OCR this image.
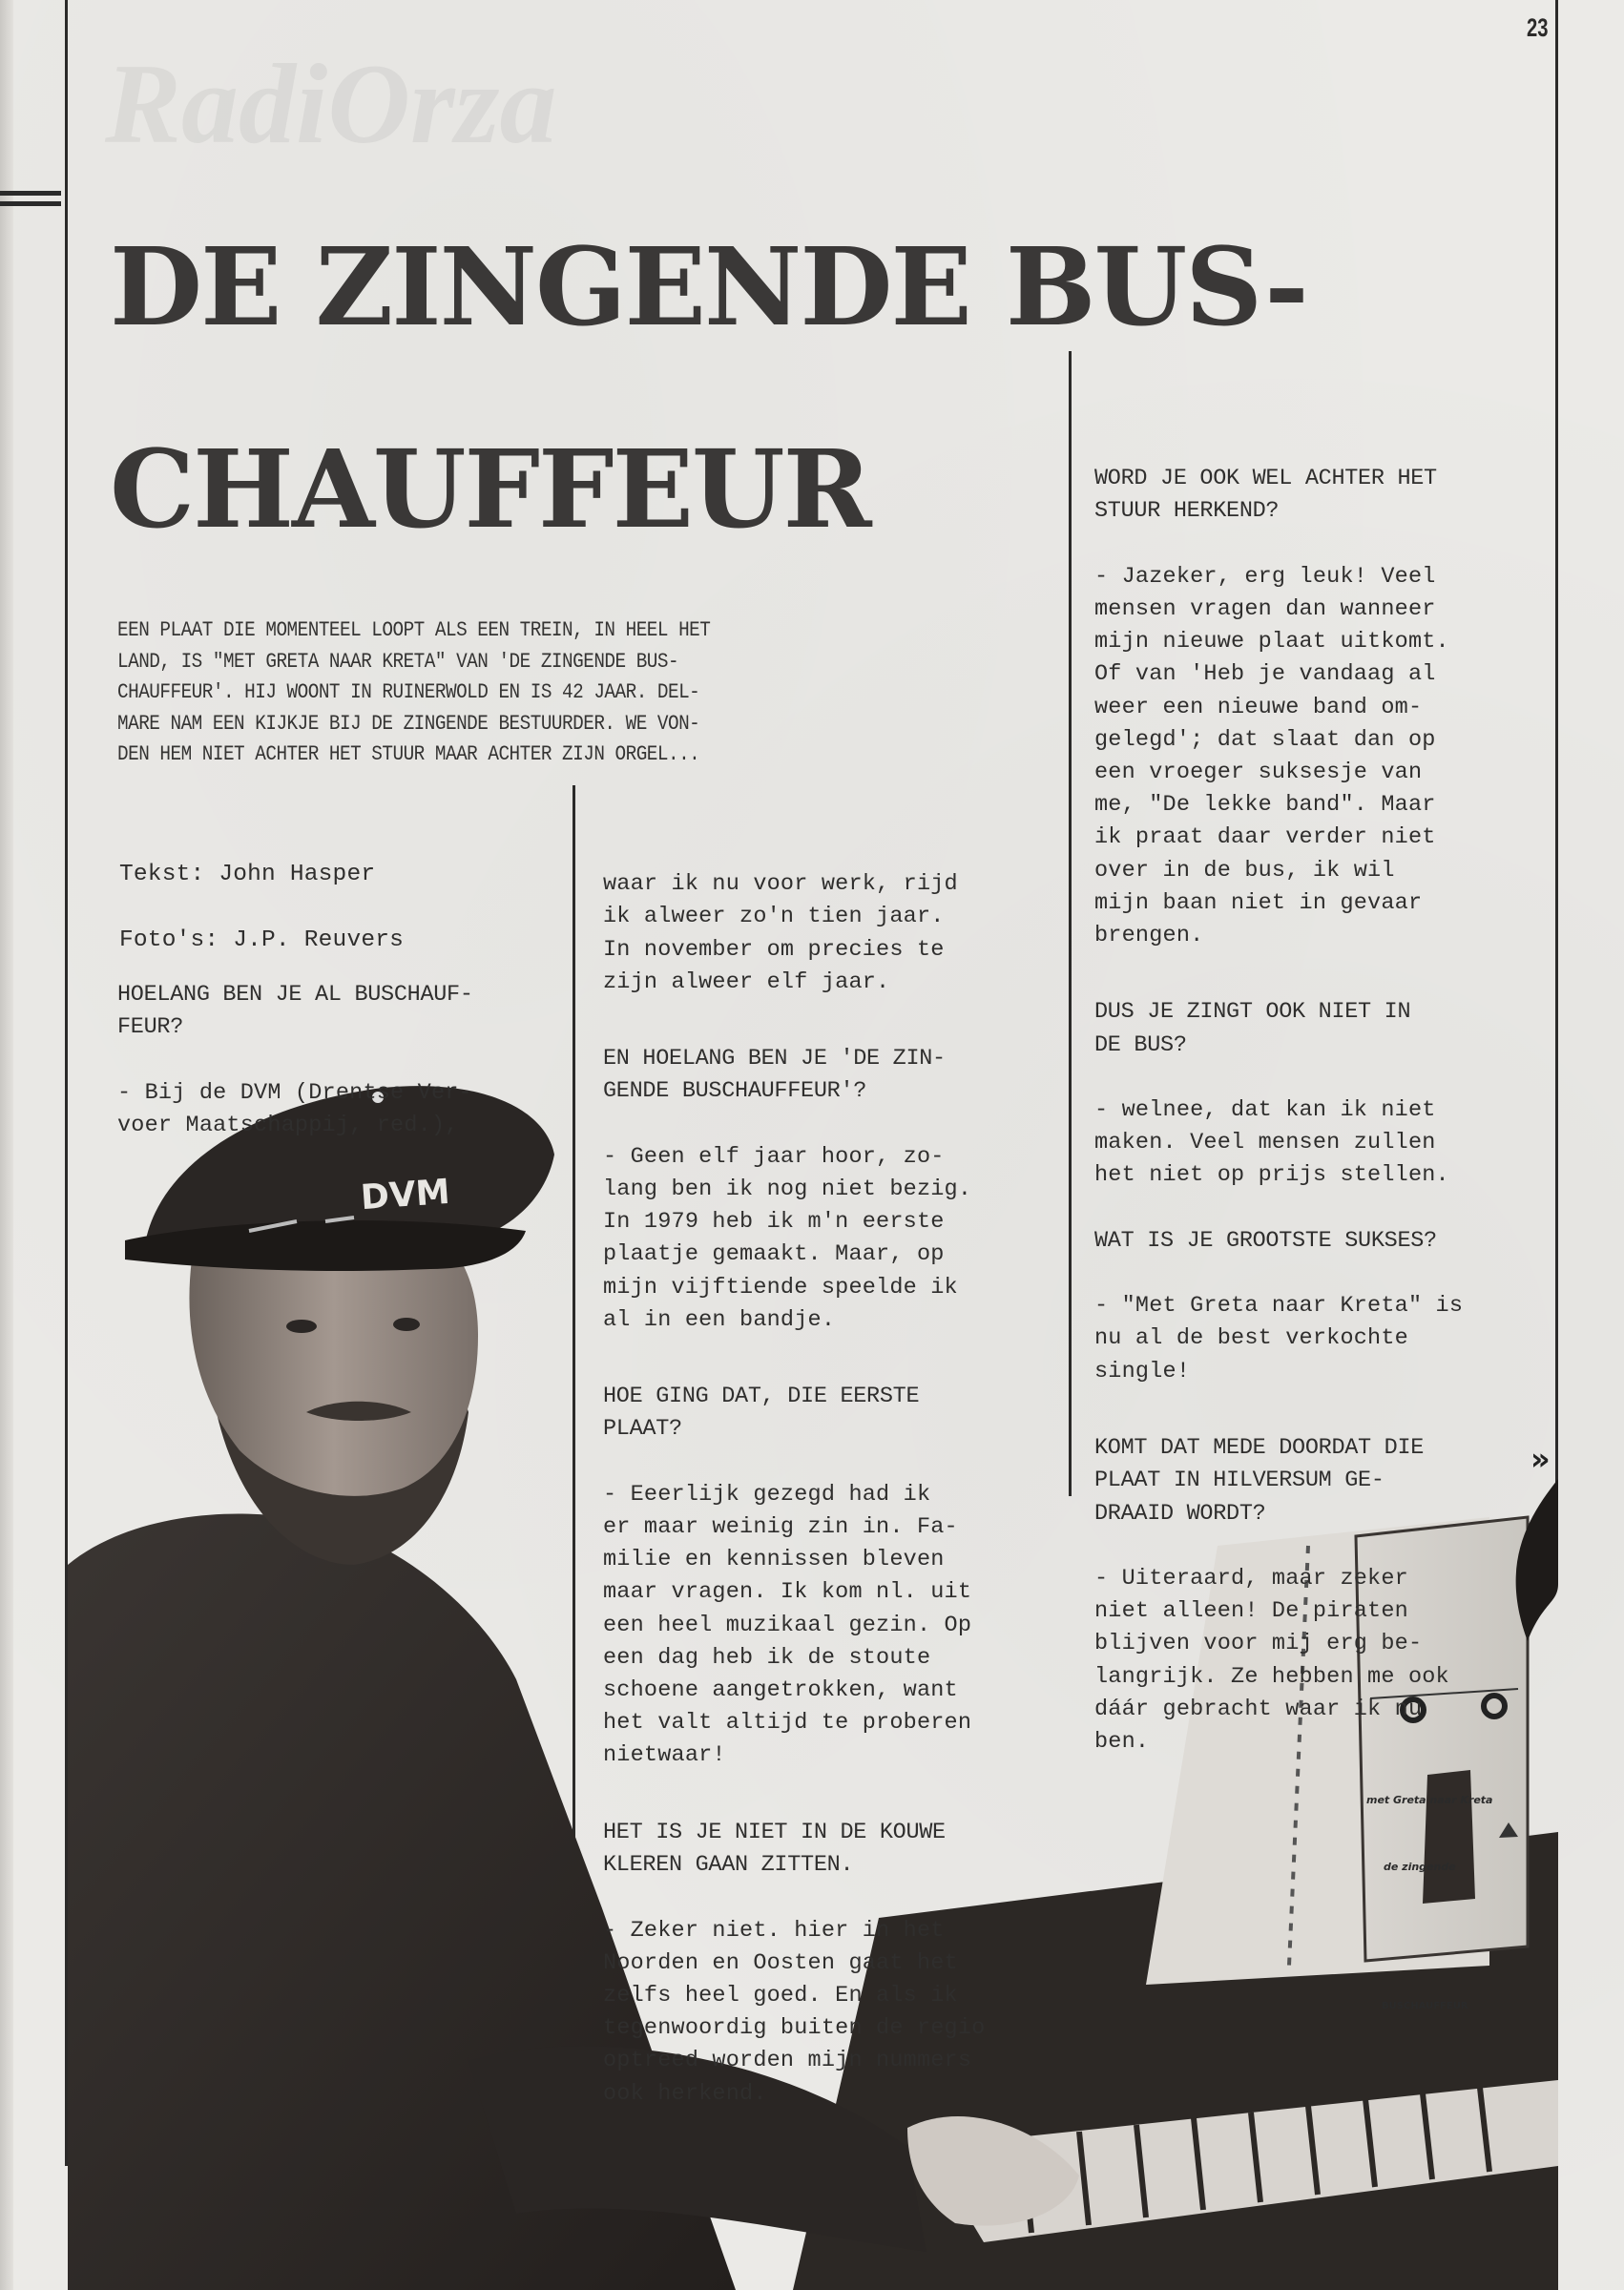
RadiOrza
23
DE ZINGENDE BUS-
CHAUFFEUR
EEN PLAAT DIE MOMENTEEL LOOPT ALS EEN TREIN, IN HEEL HET
LAND, IS "MET GRETA NAAR KRETA" VAN 'DE ZINGENDE BUS-
CHAUFFEUR'. HIJ WOONT IN RUINERWOLD EN IS 42 JAAR. DEL-
MARE NAM EEN KIJKJE BIJ DE ZINGENDE BESTUURDER. WE VON-
DEN HEM NIET ACHTER HET STUUR MAAR ACHTER ZIJN ORGEL...
DVM
met Greta naar Kreta
de zingende
BUSCHAUFFEUR

Tekst: John Hasper

Foto's: J.P. Reuvers

HOELANG BEN JE AL BUSCHAUF-
FEUR?

- Bij de DVM (Drentse Ver-
voer Maatschappij, red.),

waar ik nu voor werk, rijd
ik alweer zo'n tien jaar.
In november om precies te
zijn alweer elf jaar.

EN HOELANG BEN JE 'DE ZIN-
GENDE BUSCHAUFFEUR'?

- Geen elf jaar hoor, zo-
lang ben ik nog niet bezig.
In 1979 heb ik m'n eerste
plaatje gemaakt. Maar, op
mijn vijftiende speelde ik
al in een bandje.

HOE GING DAT, DIE EERSTE
PLAAT?

- Eeerlijk gezegd had ik
er maar weinig zin in. Fa-
milie en kennissen bleven
maar vragen. Ik kom nl. uit
een heel muzikaal gezin. Op
een dag heb ik de stoute
schoene aangetrokken, want
het valt altijd te proberen
nietwaar!

HET IS JE NIET IN DE KOUWE
KLEREN GAAN ZITTEN.

- Zeker niet. hier in het
Noorden en Oosten gaat het
zelfs heel goed. En als ik
tegenwoordig buiten de regio
optreed worden mijn nummers
ook herkend.

WORD JE OOK WEL ACHTER HET
STUUR HERKEND?

- Jazeker, erg leuk! Veel
mensen vragen dan wanneer
mijn nieuwe plaat uitkomt.
Of van 'Heb je vandaag al
weer een nieuwe band om-
gelegd'; dat slaat dan op
een vroeger suksesje van
me, "De lekke band". Maar
ik praat daar verder niet
over in de bus, ik wil
mijn baan niet in gevaar
brengen.

DUS JE ZINGT OOK NIET IN
DE BUS?

- welnee, dat kan ik niet
maken. Veel mensen zullen
het niet op prijs stellen.

WAT IS JE GROOTSTE SUKSES?

- "Met Greta naar Kreta" is
nu al de best verkochte
single!

KOMT DAT MEDE DOORDAT DIE
PLAAT IN HILVERSUM GE-
DRAAID WORDT?

- Uiteraard, maar zeker
niet alleen! De piraten
blijven voor mij erg be-
langrijk. Ze hebben me ook
dáár gebracht waar ik nu
ben.

»
